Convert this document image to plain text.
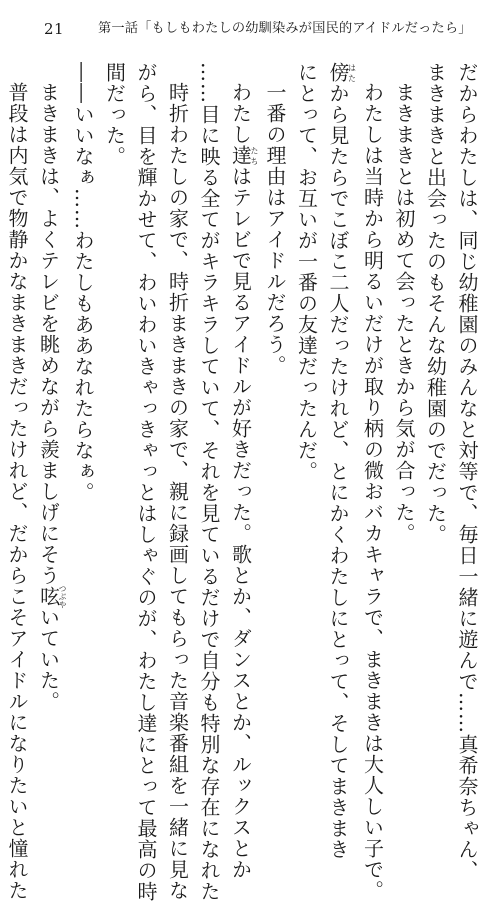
21	第一話「もしもわたしの幼馴染みが国民的アイドルだったら」

だからわたしは、同じ幼稚園のみんなと対等で、毎日一緒に遊んで……真希奈ちゃん、

まきまきと出会ったのもそんな幼稚園のでだった。

まきまきとは初めて会ったときから気が合った。

わたしは当時から明るいだけが取り柄の微おバカキャラで、まきまきは大人しい子で。

傍はたから見たらでこぼこ二人だったけれど、とにかくわたしにとって、そしてまきまき

にとって、お互いが一番の友達だったんだ。

一番の理由はアイドルだろう。

わたし達たちはテレビで見るアイドルが好きだった。歌とか、ダンスとか、ルックスとか

……目に映る全てがキラキラしていて、それを見ているだけで自分も特別な存在になれた

時折わたしの家で、時折まきまきの家で、親に録画してもらった音楽番組を一緒に見な

がら、目を輝かせて、わいわいきゃっきゃっとはしゃぐのが、わたし達にとって最高の時

間だった。

――いいなぁ……わたしもああなれたらなぁ。

まきまきは、よくテレビを眺めながら羨ましげにそう呟つぶやいていた。

普段は内気で物静かなまきまきだったけれど、だからこそアイドルになりたいと憧れた
